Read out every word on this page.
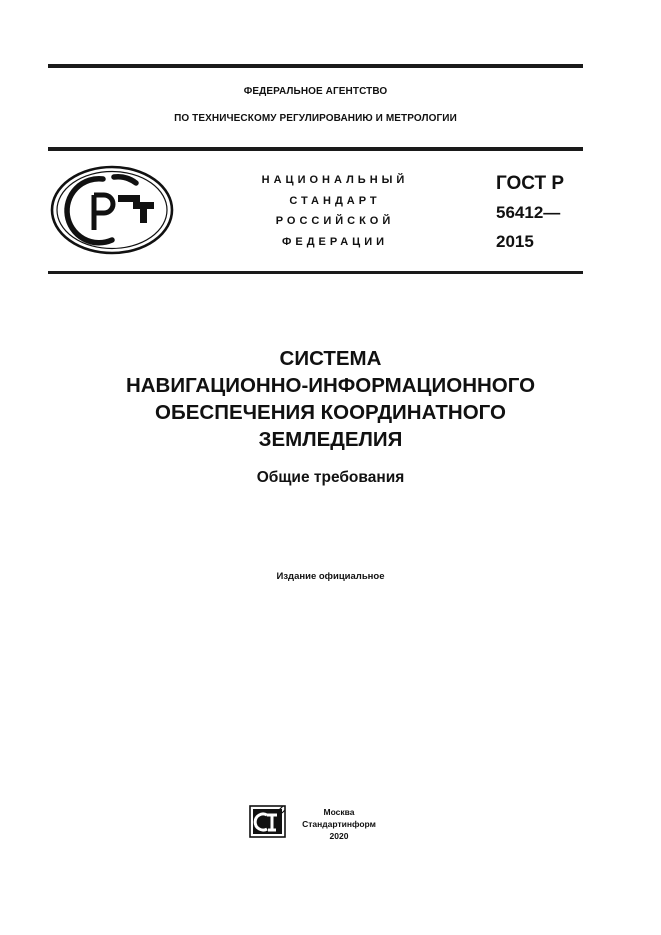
ФЕДЕРАЛЬНОЕ АГЕНТСТВО
ПО ТЕХНИЧЕСКОМУ РЕГУЛИРОВАНИЮ И МЕТРОЛОГИИ
НАЦИОНАЛЬНЫЙ
СТАНДАРТ
РОССИЙСКОЙ
ФЕДЕРАЦИИ
ГОСТ Р
56412—
2015
СИСТЕМА
НАВИГАЦИОННО-ИНФОРМАЦИОННОГО
ОБЕСПЕЧЕНИЯ КООРДИНАТНОГО
ЗЕМЛЕДЕЛИЯ
Общие требования
Издание официальное
Москва
Стандартинформ
2020
